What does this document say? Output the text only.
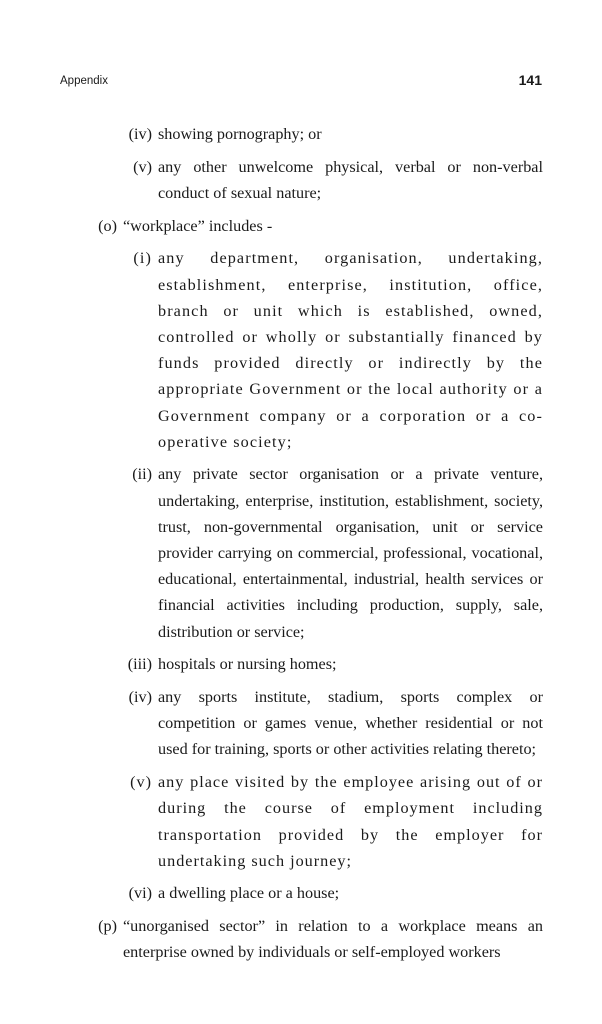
Appendix	141
(iv) showing pornography; or
(v) any other unwelcome physical, verbal or non-verbal conduct of sexual nature;
(o) “workplace” includes -
(i) any department, organisation, undertaking, establishment, enterprise, institution, office, branch or unit which is established, owned, controlled or wholly or substantially financed by funds provided directly or indirectly by the appropriate Government or the local authority or a Government company or a corporation or a co-operative society;
(ii) any private sector organisation or a private venture, undertaking, enterprise, institution, establishment, society, trust, non-governmental organisation, unit or service provider carrying on commercial, professional, vocational, educational, entertainmental, industrial, health services or financial activities including production, supply, sale, distribution or service;
(iii) hospitals or nursing homes;
(iv) any sports institute, stadium, sports complex or competition or games venue, whether residential or not used for training, sports or other activities relating thereto;
(v) any place visited by the employee arising out of or during the course of employment including transportation provided by the employer for undertaking such journey;
(vi) a dwelling place or a house;
(p) “unorganised sector” in relation to a workplace means an enterprise owned by individuals or self-employed workers
